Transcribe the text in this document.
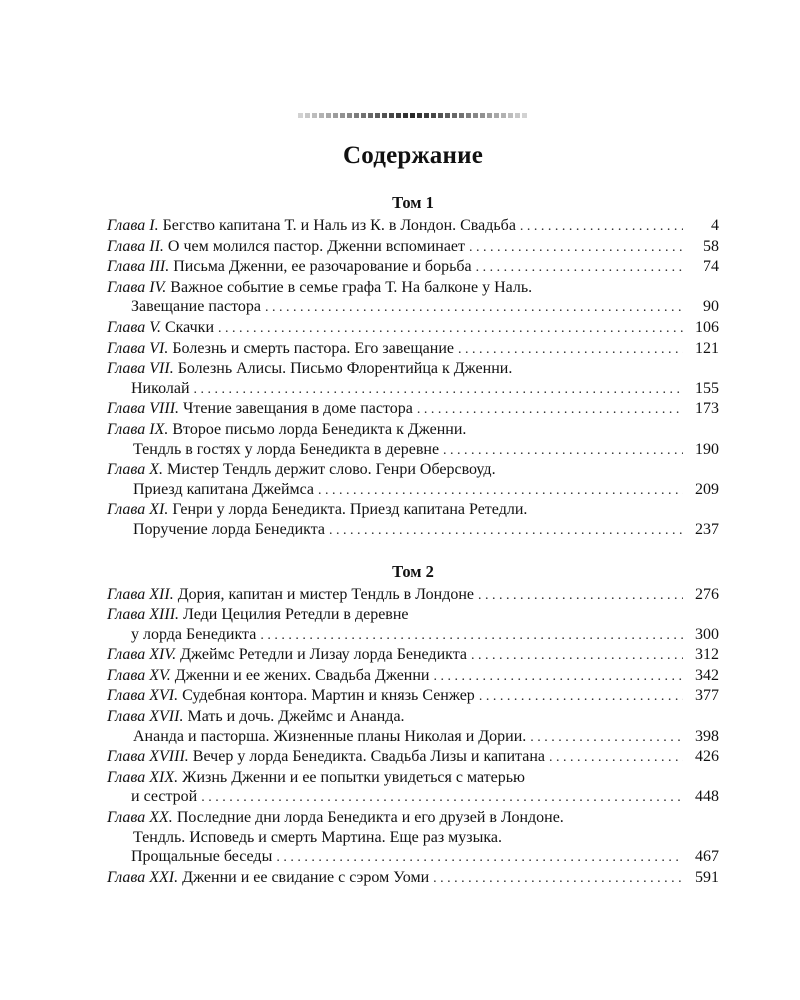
Содержание
Том 1
Глава I.
Бегство капитана Т. и Наль из К. в Лондон. Свадьба . . .	4
Глава II.
О чем молился пастор. Дженни вспоминает . . .	58
Глава III.
Письма Дженни, ее разочарование и борьба . . .	74
Глава IV.
Важное событие в семье графа Т. На балконе у Наль.
Завещание пастора . . .	90
Глава V.
Скачки . . .	106
Глава VI.
Болезнь и смерть пастора. Его завещание . . .	121
Глава VII.
Болезнь Алисы. Письмо Флорентийца к Дженни.
Николай . . .	155
Глава VIII.
Чтение завещания в доме пастора . . .	173
Глава IX.
Второе письмо лорда Бенедикта к Дженни.
Тендль в гостях у лорда Бенедикта в деревне . . .	190
Глава X.
Мистер Тендль держит слово. Генри Оберсвоуд.
Приезд капитана Джеймса . . .	209
Глава XI.
Генри у лорда Бенедикта. Приезд капитана Ретедли.
Поручение лорда Бенедикта . . .	237
Том 2
Глава XII.
Дория, капитан и мистер Тендль в Лондоне . . .	276
Глава XIII.
Леди Цецилия Ретедли в деревне
у лорда Бенедикта . . .	300
Глава XIV.
Джеймс Ретедли и Лизау лорда Бенедикта . . .	312
Глава XV.
Дженни и ее жених. Свадьба Дженни . . .	342
Глава XVI.
Судебная контора. Мартин и князь Сенжер . . .	377
Глава XVII.
Мать и дочь. Джеймс и Ананда.
Ананда и пасторша. Жизненные планы Николая и Дории. . . .	398
Глава XVIII.
Вечер у лорда Бенедикта. Свадьба Лизы и капитана . . .	426
Глава XIX.
Жизнь Дженни и ее попытки увидеться с матерью
и сестрой . . .	448
Глава XX.
Последние дни лорда Бенедикта и его друзей в Лондоне.
Тендль. Исповедь и смерть Мартина. Еще раз музыка.
Прощальные беседы . . .	467
Глава XXI.
Дженни и ее свидание с сэром Уоми . . .	591
